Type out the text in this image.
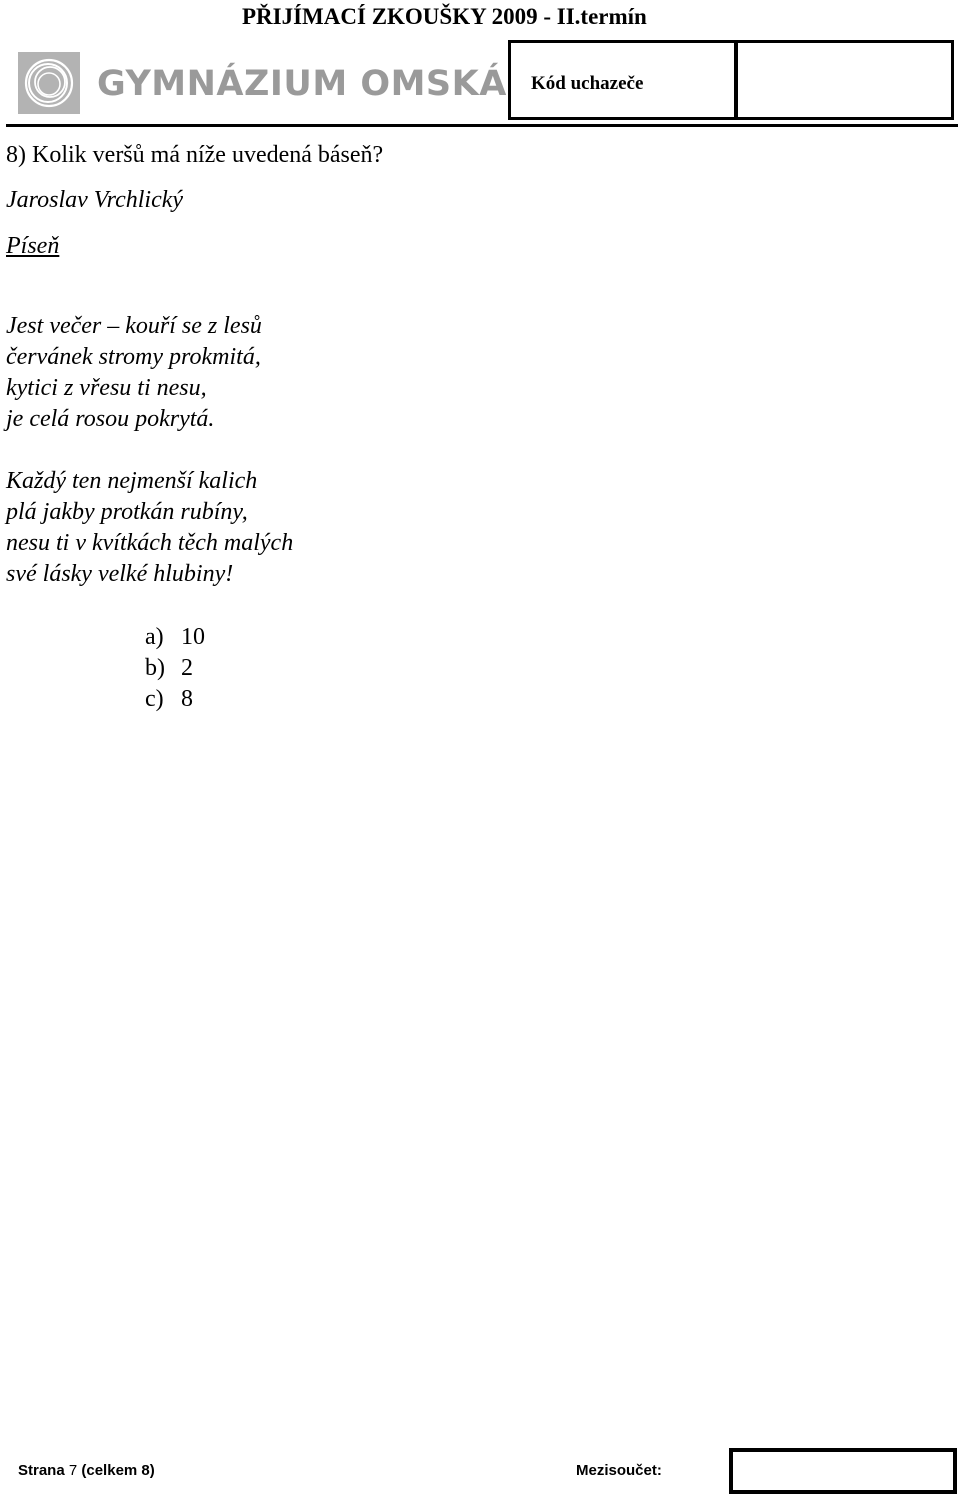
PŘIJÍMACÍ ZKOUŠKY 2009 - II.termín
GYMNÁZIUM OMSKÁ Kód uchazeče
8) Kolik veršů má níže uvedená báseň?
Jaroslav Vrchlický
Píseň
Jest večer – kouří se z lesů
červánek stromy prokmitá,
kytici z vřesu ti nesu,
je celá rosou pokrytá.
Každý ten nejmenší kalich
plá jakby protkán rubíny,
nesu ti v kvítkách těch malých
své lásky velké hlubiny!
a) 10
b) 2
c) 8
Strana 7 (celkem 8)	Mezisoučet:
